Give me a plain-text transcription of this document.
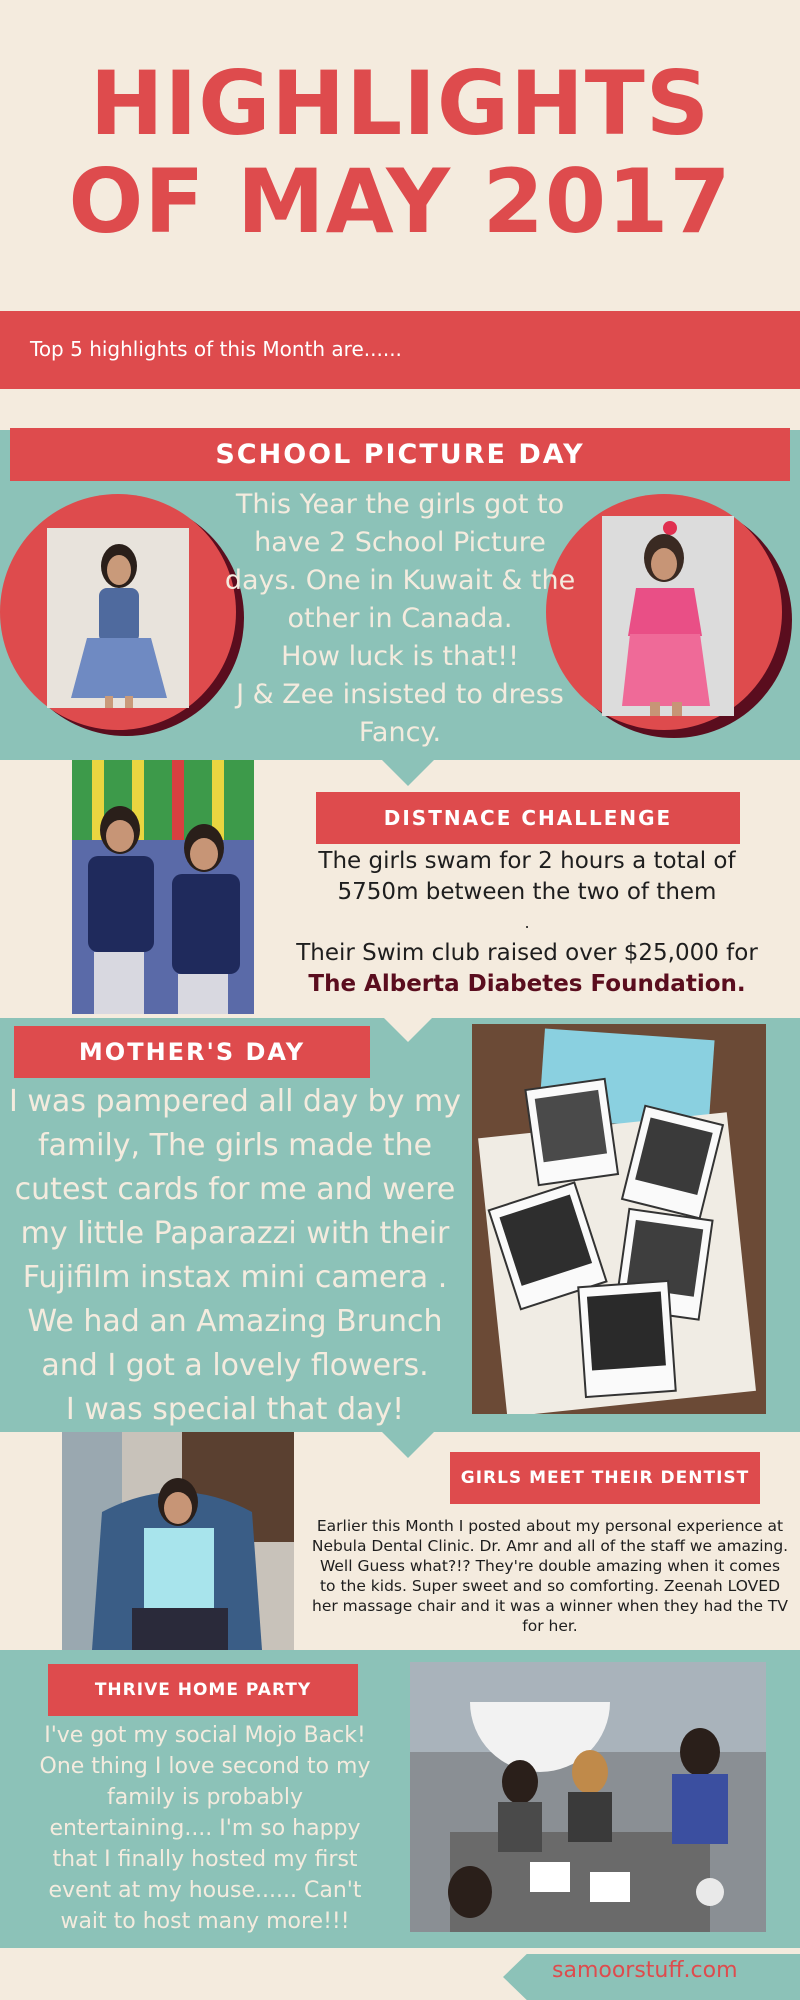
HIGHLIGHTS
OF MAY 2017
Top 5 highlights of this Month are......
SCHOOL PICTURE DAY
This Year the girls got to
have 2 School Picture
days. One in Kuwait & the
other in Canada.
How luck is that!!
J & Zee insisted to dress
Fancy.
DISTNACE CHALLENGE
The girls swam for 2 hours a total of
5750m between the two of them
.
Their Swim club raised over $25,000 for
The Alberta Diabetes Foundation.
MOTHER'S DAY
I was pampered all day by my
family, The girls made the
cutest cards for me and were
my little Paparazzi with their
Fujifilm instax mini camera .
We had an Amazing Brunch
and I got a lovely flowers.
I was special that day!
GIRLS MEET THEIR DENTIST
Earlier this Month I posted about my personal experience at
Nebula Dental Clinic. Dr. Amr and all of the staff we amazing.
Well Guess what?!? They're double amazing when it comes
to the kids. Super sweet and so comforting. Zeenah LOVED
her massage chair and it was a winner when they had the TV
for her.
THRIVE HOME PARTY
I've got my social Mojo Back!
One thing I love second to my
family is probably
entertaining.... I'm so happy
that I finally hosted my first
event at my house...... Can't
wait to host many more!!!
samoorstuff.com
